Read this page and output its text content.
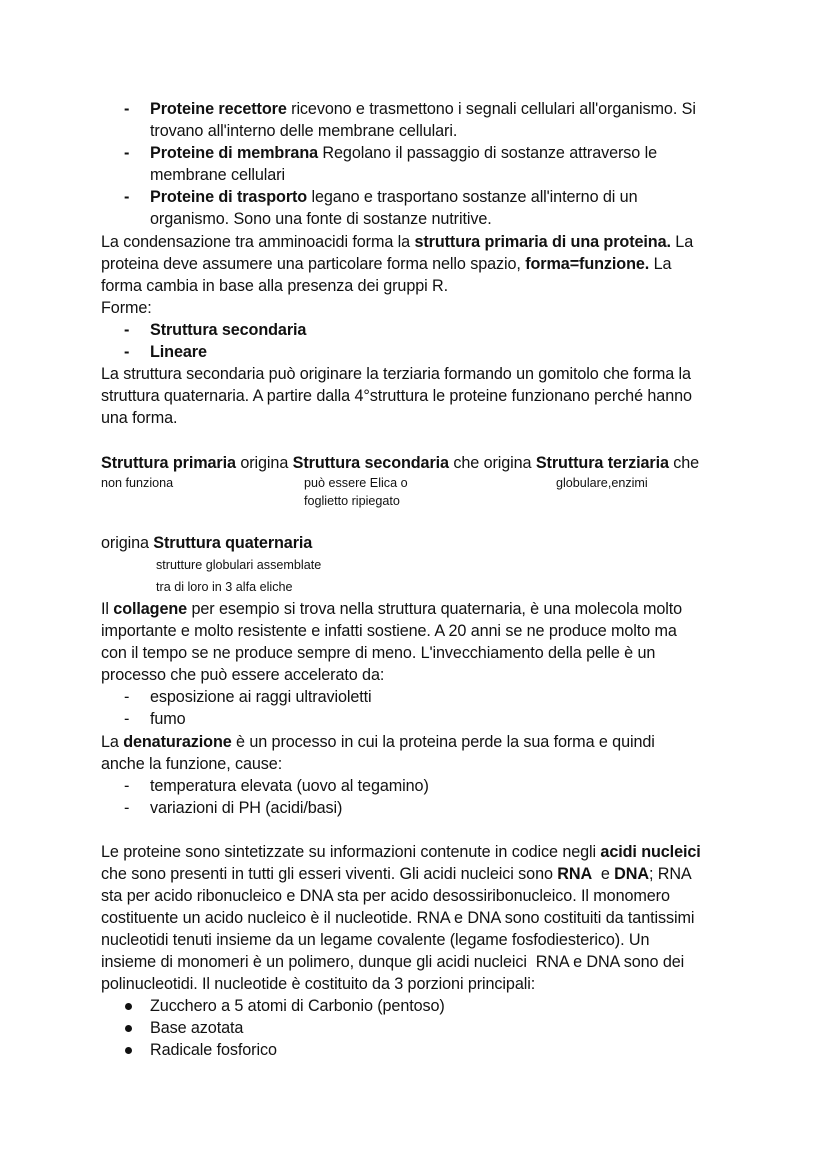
- Proteine recettore ricevono e trasmettono i segnali cellulari all'organismo. Si
trovano all'interno delle membrane cellulari.
- Proteine di membrana Regolano il passaggio di sostanze attraverso le
membrane cellulari
- Proteine di trasporto legano e trasportano sostanze all'interno di un
organismo. Sono una fonte di sostanze nutritive.
La condensazione tra amminoacidi forma la struttura primaria di una proteina. La
proteina deve assumere una particolare forma nello spazio, forma=funzione. La
forma cambia in base alla presenza dei gruppi R.
Forme:
- Struttura secondaria
- Lineare
La struttura secondaria può originare la terziaria formando un gomitolo che forma la
struttura quaternaria. A partire dalla 4°struttura le proteine funzionano perché hanno
una forma.
Struttura primaria origina Struttura secondaria che origina Struttura terziaria che
non funziona	può essere Elica o
foglietto ripiegato
globulare,enzimi
origina Struttura quaternaria
strutture globulari assemblate
tra di loro in 3 alfa eliche
Il collagene per esempio si trova nella struttura quaternaria, è una molecola molto
importante e molto resistente e infatti sostiene. A 20 anni se ne produce molto ma
con il tempo se ne produce sempre di meno. L'invecchiamento della pelle è un
processo che può essere accelerato da:
- esposizione ai raggi ultravioletti
- fumo
La denaturazione è un processo in cui la proteina perde la sua forma e quindi
anche la funzione, cause:
- temperatura elevata (uovo al tegamino)
- variazioni di PH (acidi/basi)
Le proteine sono sintetizzate su informazioni contenute in codice negli acidi nucleici
che sono presenti in tutti gli esseri viventi. Gli acidi nucleici sono RNA  e DNA; RNA
sta per acido ribonucleico e DNA sta per acido desossiribonucleico. Il monomero
costituente un acido nucleico è il nucleotide. RNA e DNA sono costituiti da tantissimi
nucleotidi tenuti insieme da un legame covalente (legame fosfodiesterico). Un
insieme di monomeri è un polimero, dunque gli acidi nucleici  RNA e DNA sono dei
polinucleotidi. Il nucleotide è costituito da 3 porzioni principali:
Zucchero a 5 atomi di Carbonio (pentoso)
Base azotata
Radicale fosforico
